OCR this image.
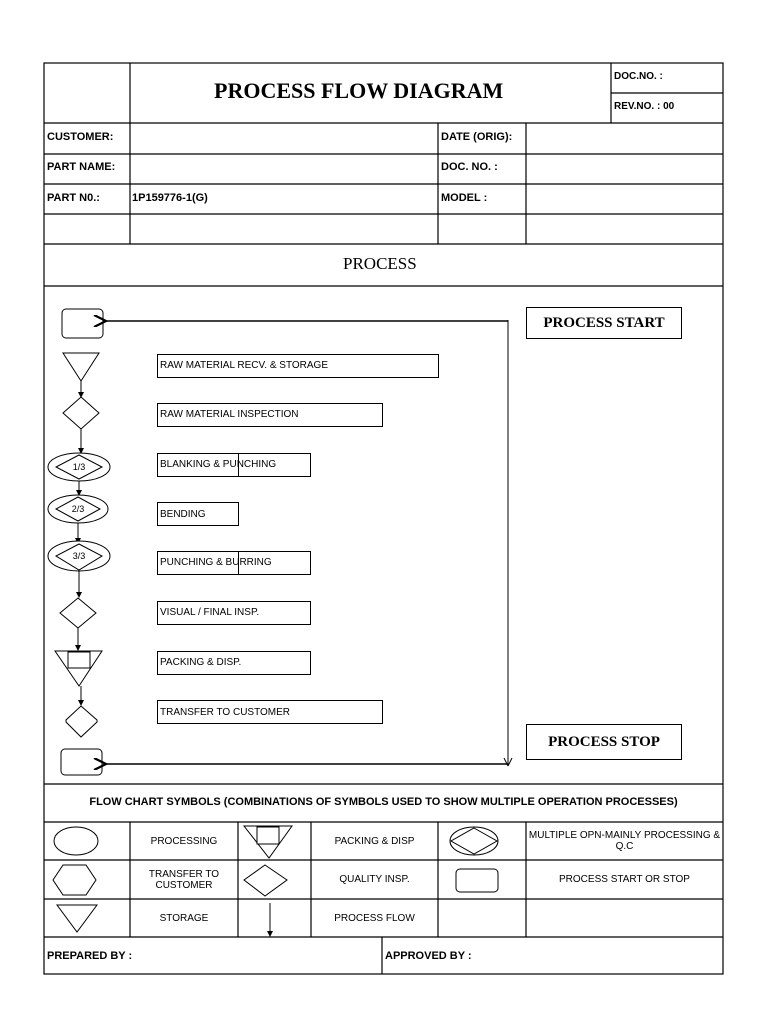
PROCESS FLOW DIAGRAM
DOC.NO. :
REV.NO. : 00
CUSTOMER:	DATE (ORIG):
PART NAME:	DOC. NO. :
PART N0.:	1P159776-1(G)	MODEL :
PROCESS
1/3
2/3
3/3
RAW MATERIAL RECV. & STORAGE
RAW MATERIAL INSPECTION
BLANKING & PUNCHING
BENDING
PUNCHING & BURRING
VISUAL / FINAL INSP.
PACKING & DISP.
TRANSFER TO CUSTOMER
PROCESS START
PROCESS STOP
FLOW CHART SYMBOLS (COMBINATIONS OF SYMBOLS USED TO SHOW MULTIPLE OPERATION PROCESSES)
PROCESSING	PACKING & DISP	MULTIPLE OPN-MAINLY PROCESSING & Q.C
TRANSFER TO CUSTOMER	QUALITY INSP.	PROCESS START OR STOP
STORAGE	PROCESS FLOW
PREPARED BY :	APPROVED BY :
